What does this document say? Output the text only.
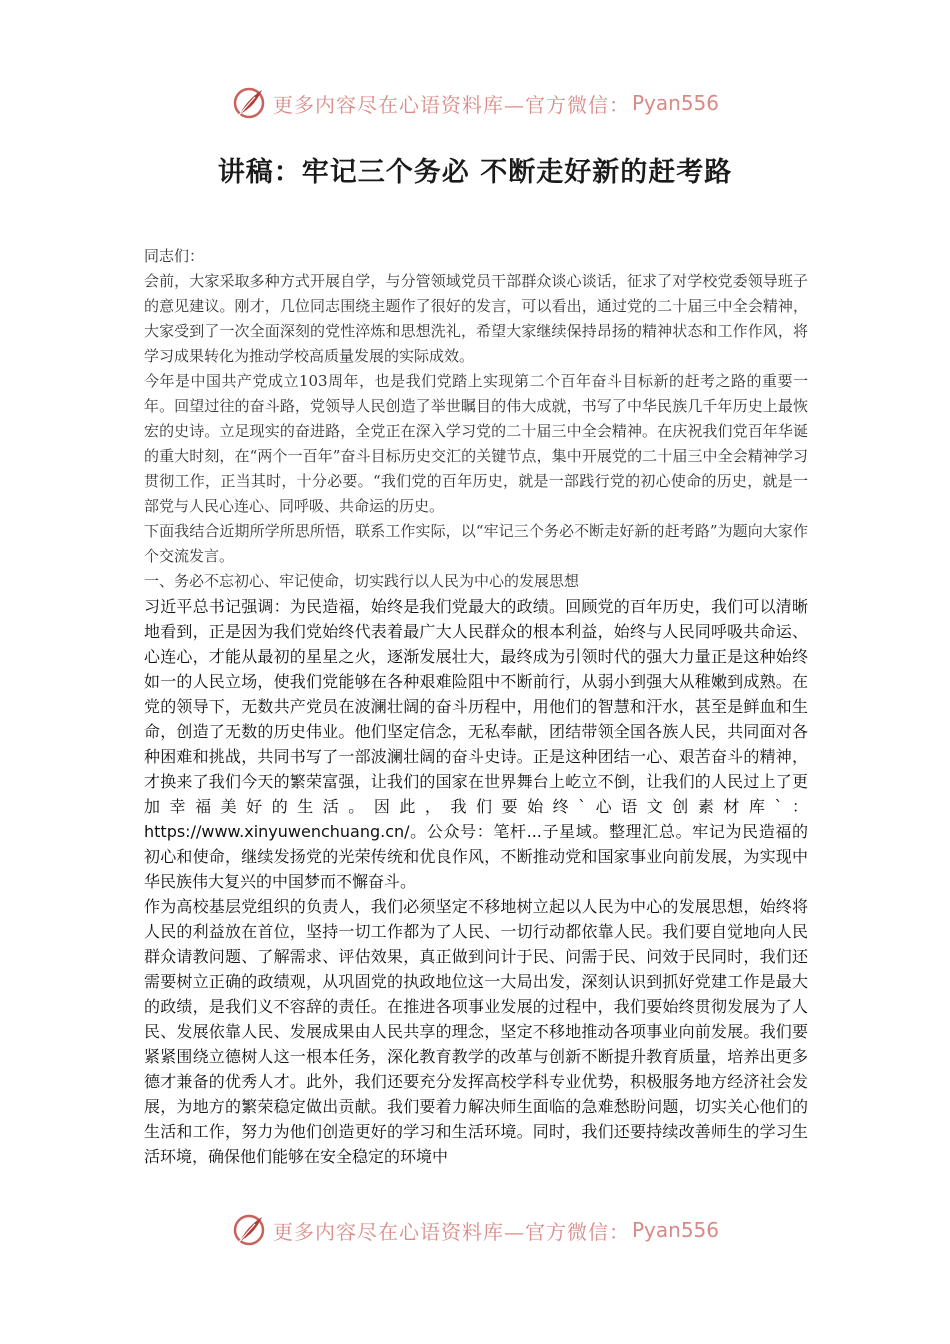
更多内容尽在心语资料库—官方微信： Pyan556
讲稿：牢记三个务必 不断走好新的赶考路

同志们：

会前，大家采取多种方式开展自学，与分管领域党员干部群众谈心谈话，征求了对学校党委领导班子的意见建议。刚才，几位同志围绕主题作了很好的发言，可以看出，通过党的二十届三中全会精神，大家受到了一次全面深刻的党性淬炼和思想洗礼，希望大家继续保持昂扬的精神状态和工作作风，将学习成果转化为推动学校高质量发展的实际成效。

今年是中国共产党成立103周年，也是我们党踏上实现第二个百年奋斗目标新的赶考之路的重要一年。回望过往的奋斗路，党领导人民创造了举世瞩目的伟大成就，书写了中华民族几千年历史上最恢宏的史诗。立足现实的奋进路，全党正在深入学习党的二十届三中全会精神。在庆祝我们党百年华诞的重大时刻，在“两个一百年”奋斗目标历史交汇的关键节点，集中开展党的二十届三中全会精神学习贯彻工作，正当其时，十分必要。“我们党的百年历史，就是一部践行党的初心使命的历史，就是一部党与人民心连心、同呼吸、共命运的历史。

下面我结合近期所学所思所悟，联系工作实际，以“牢记三个务必不断走好新的赶考路”为题向大家作个交流发言。

一、务必不忘初心、牢记使命，切实践行以人民为中心的发展思想

习近平总书记强调：为民造福，始终是我们党最大的政绩。回顾党的百年历史，我们可以清晰地看到，正是因为我们党始终代表着最广大人民群众的根本利益，始终与人民同呼吸共命运、心连心，才能从最初的星星之火，逐渐发展壮大，最终成为引领时代的强大力量正是这种始终如一的人民立场，使我们党能够在各种艰难险阻中不断前行，从弱小到强大从稚嫩到成熟。在党的领导下，无数共产党员在波澜壮阔的奋斗历程中，用他们的智慧和汗水，甚至是鲜血和生命，创造了无数的历史伟业。他们坚定信念，无私奉献，团结带领全国各族人民，共同面对各种困难和挑战，共同书写了一部波澜壮阔的奋斗史诗。正是这种团结一心、艰苦奋斗的精神，才换来了我们今天的繁荣富强，让我们的国家在世界舞台上屹立不倒，让我们的人民过上了更加幸福美好的生活。因此，我们要始终`心语文创素材库`：https://www.xinyuwenchuang.cn/。公众号：笔杆...子星域。整理汇总。牢记为民造福的初心和使命，继续发扬党的光荣传统和优良作风，不断推动党和国家事业向前发展，为实现中华民族伟大复兴的中国梦而不懈奋斗。

作为高校基层党组织的负责人，我们必须坚定不移地树立起以人民为中心的发展思想，始终将人民的利益放在首位，坚持一切工作都为了人民、一切行动都依靠人民。我们要自觉地向人民群众请教问题、了解需求、评估效果，真正做到问计于民、问需于民、问效于民同时，我们还需要树立正确的政绩观，从巩固党的执政地位这一大局出发，深刻认识到抓好党建工作是最大的政绩，是我们义不容辞的责任。在推进各项事业发展的过程中，我们要始终贯彻发展为了人民、发展依靠人民、发展成果由人民共享的理念，坚定不移地推动各项事业向前发展。我们要紧紧围绕立德树人这一根本任务，深化教育教学的改革与创新不断提升教育质量，培养出更多德才兼备的优秀人才。此外，我们还要充分发挥高校学科专业优势，积极服务地方经济社会发展，为地方的繁荣稳定做出贡献。我们要着力解决师生面临的急难愁盼问题，切实关心他们的生活和工作，努力为他们创造更好的学习和生活环境。同时，我们还要持续改善师生的学习生活环境，确保他们能够在安全稳定的环境中

更多内容尽在心语资料库—官方微信： Pyan556
